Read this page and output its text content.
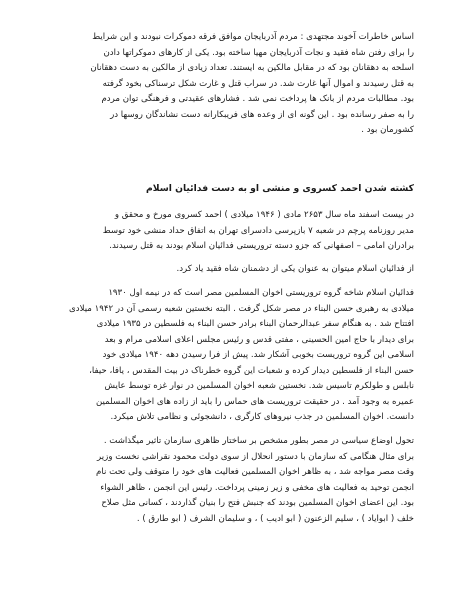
اساس خاطرات آخوند مجتهدی : مردم آذربایجان موافق فرقه دموکرات نبودند و این شرایط
را برای رفتن شاه فقید و نجات آذربایجان مهیا ساخته بود. یکی از کارهای دموکراتها دادن
اسلحه به دهقانان بود که در مقابل مالکین به ایستند. تعداد زیادی از مالکین به دست دهقانان
به قتل رسیدند و اموال آنها غارت شد. در سراب قتل و غارت شکل ترسناکی بخود گرفته
بود. مطالبات مردم از بانک ها پرداخت نمی شد . فشارهای عقیدتی و فرهنگی توان مردم
را به صفر رسانده بود . این گونه ای از وعده های فریبکارانه دست نشاندگان روسها در
کشورمان بود .
کشته شدن احمد کسروی و منشی او به دست فدائیان اسلام
در بیست اسفند ماه سال ۲۶۵۳ مادی ( ۱۹۴۶ میلادی ) احمد کسروی مورخ و محقق و
مدیر روزنامه پرچم در شعبه ۷ بازپرسی دادسرای تهران به اتفاق حداد منشی خود توسط
برادران امامی – اصفهانی که جزو دسته تروریستی فدائیان اسلام بودند به قتل رسیدند.
از فدائیان اسلام میتوان به عنوان یکی از دشمنان شاه فقید یاد کرد.
فدائیان اسلام شاخه گروه تروریستی اخوان المسلمین مصر است که در نیمه اول ۱۹۳۰
میلادی به رهبری حسن البناء در مصر شکل گرفت . البته نخستین شعبه رسمی آن در ۱۹۴۲ میلادی
افتتاح شد . به هنگام سفر عبدالرحمان البناء برادر حسن البناء به فلسطین در ۱۹۳۵ میلادی
برای دیدار با حاج امین الحسینی ، مفتی قدس و رئیس مجلس اعلای اسلامی مرام و بعد
اسلامی این گروه تروریست بخوبی آشکار شد. پیش از فرا رسیدن دهه ۱۹۴۰ میلادی خود
حسن البناء از فلسطین دیدار کرده و شعبات این گروه خطرناک در بیت المقدس ، یافا، حیفا،
نابلس و طولکرم تاسیس شد. نخستین شعبه اخوان المسلمین در نوار غزه توسط عایش
عمیره به وجود آمد . در حقیقت تروریست های حماس را باید از زاده های اخوان المسلمین
دانست. اخوان المسلمین در جذب نیروهای کارگری ، دانشجوئی و نظامی تلاش میکرد.
تحول اوضاع سیاسی در مصر بطور مشخص بر ساختار ظاهری سازمان تاثیر میگذاشت .
برای مثال هنگامی که سازمان با دستور انحلال از سوی دولت محمود نقراشی نخست وزیر
وقت مصر مواجه شد ، به ظاهر اخوان المسلمین فعالیت های خود را متوقف ولی تحت نام
انجمن توحید به فعالیت های مخفی و زیر زمینی پرداخت. رئیس این انجمن ، ظاهر الشواء
بود. این اعضای اخوان المسلمین بودند که جنبش فتح را بنیان گذاردند ، کسانی مثل صلاح
خلف ( ابوایاد ) ، سلیم الزعنون ( ابو ادیب ) ، و سلیمان الشرف ( ابو طارق ) .
